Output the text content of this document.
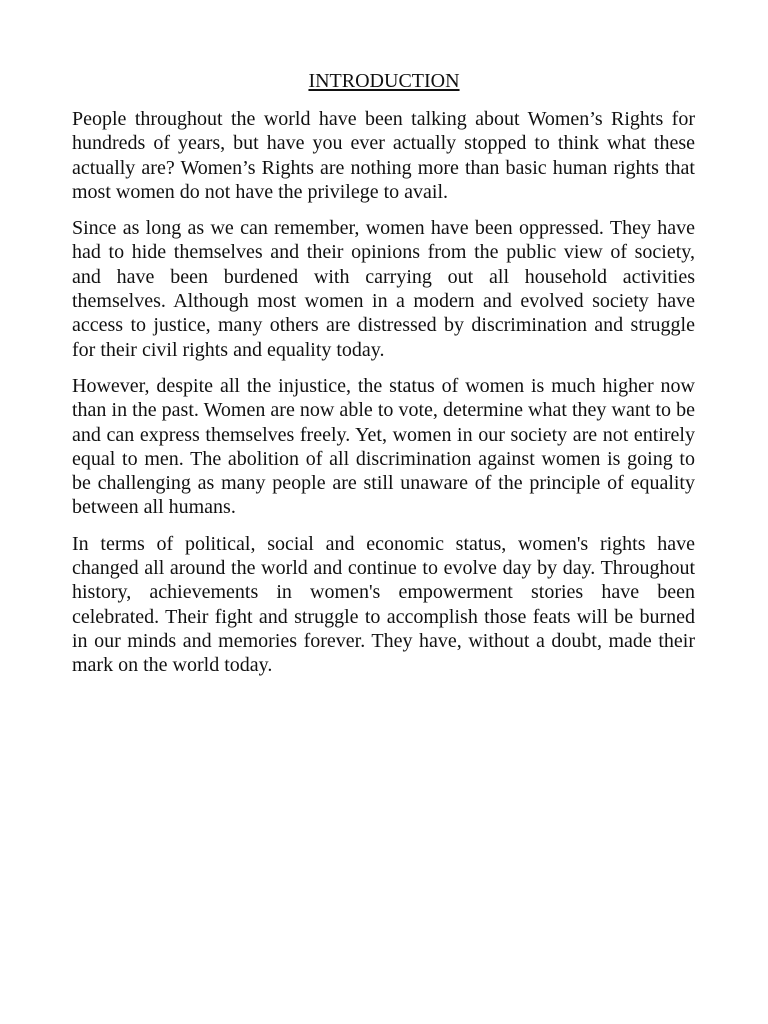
INTRODUCTION

People throughout the world have been talking about Women’s Rights for hundreds of years, but have you ever actually stopped to think what these actually are? Women’s Rights are nothing more than basic human rights that most women do not have the privilege to avail.

Since as long as we can remember, women have been oppressed. They have had to hide themselves and their opinions from the public view of society, and have been burdened with carrying out all household activities themselves. Although most women in a modern and evolved society have access to justice, many others are distressed by discrimination and struggle for their civil rights and equality today.

However, despite all the injustice, the status of women is much higher now than in the past. Women are now able to vote, determine what they want to be and can express themselves freely. Yet, women in our society are not entirely equal to men. The abolition of all discrimination against women is going to be challenging as many people are still unaware of the principle of equality between all humans.

In terms of political, social and economic status, women's rights have changed all around the world and continue to evolve day by day. Throughout history, achievements in women's empowerment stories have been celebrated. Their fight and struggle to accomplish those feats will be burned in our minds and memories forever. They have, without a doubt, made their mark on the world today.
